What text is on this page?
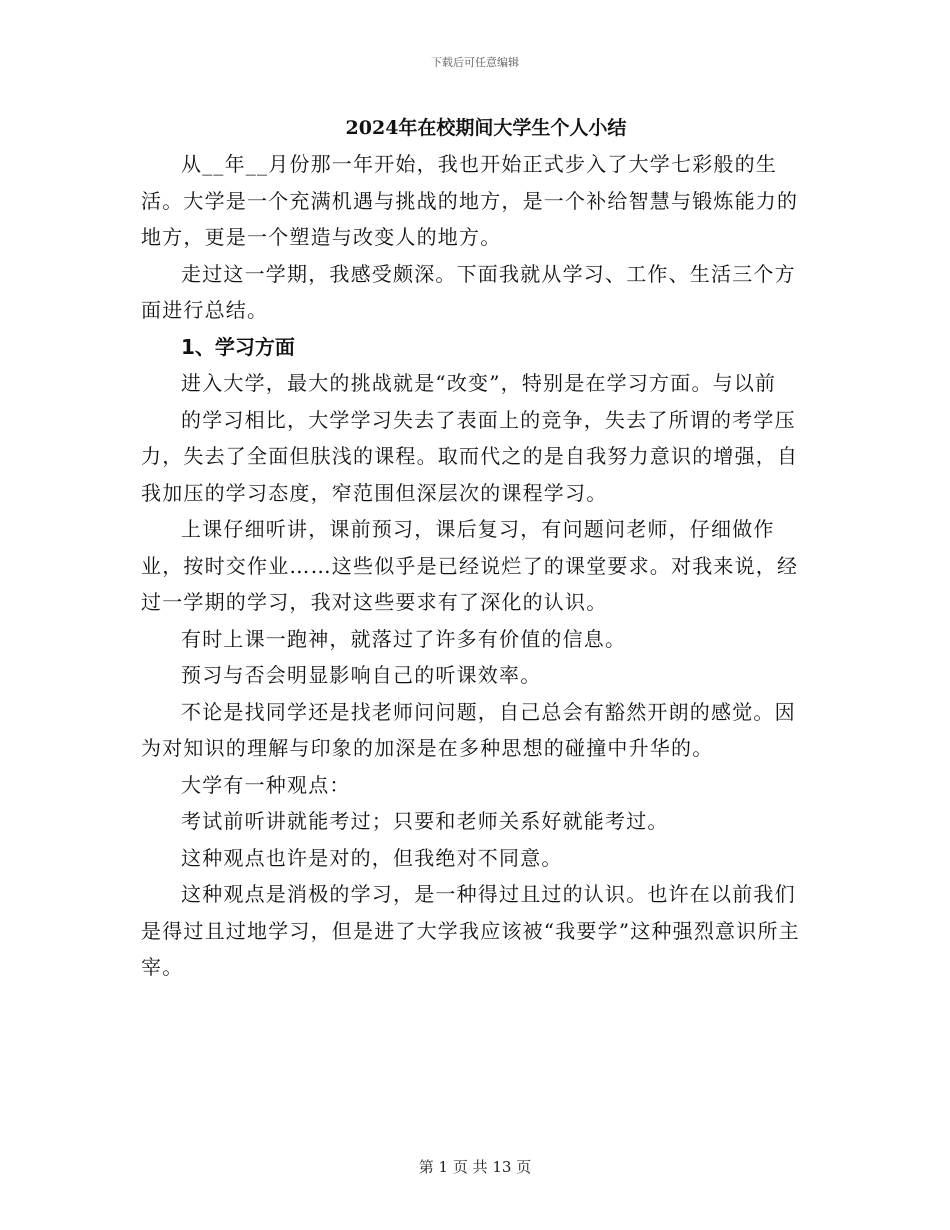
下载后可任意编辑
2024年在校期间大学生个人小结

从__年__月份那一年开始，我也开始正式步入了大学七彩般的生活。大学是一个充满机遇与挑战的地方，是一个补给智慧与锻炼能力的地方，更是一个塑造与改变人的地方。

走过这一学期，我感受颇深。下面我就从学习、工作、生活三个方面进行总结。

1、学习方面

进入大学，最大的挑战就是“改变”，特别是在学习方面。与以前

的学习相比，大学学习失去了表面上的竞争，失去了所谓的考学压力，失去了全面但肤浅的课程。取而代之的是自我努力意识的增强，自我加压的学习态度，窄范围但深层次的课程学习。

上课仔细听讲，课前预习，课后复习，有问题问老师，仔细做作业，按时交作业……这些似乎是已经说烂了的课堂要求。对我来说，经过一学期的学习，我对这些要求有了深化的认识。

有时上课一跑神，就落过了许多有价值的信息。

预习与否会明显影响自己的听课效率。

不论是找同学还是找老师问问题，自己总会有豁然开朗的感觉。因为对知识的理解与印象的加深是在多种思想的碰撞中升华的。

大学有一种观点：

考试前听讲就能考过；只要和老师关系好就能考过。

这种观点也许是对的，但我绝对不同意。

这种观点是消极的学习，是一种得过且过的认识。也许在以前我们是得过且过地学习，但是进了大学我应该被“我要学”这种强烈意识所主宰。

第 1 页 共 13 页
